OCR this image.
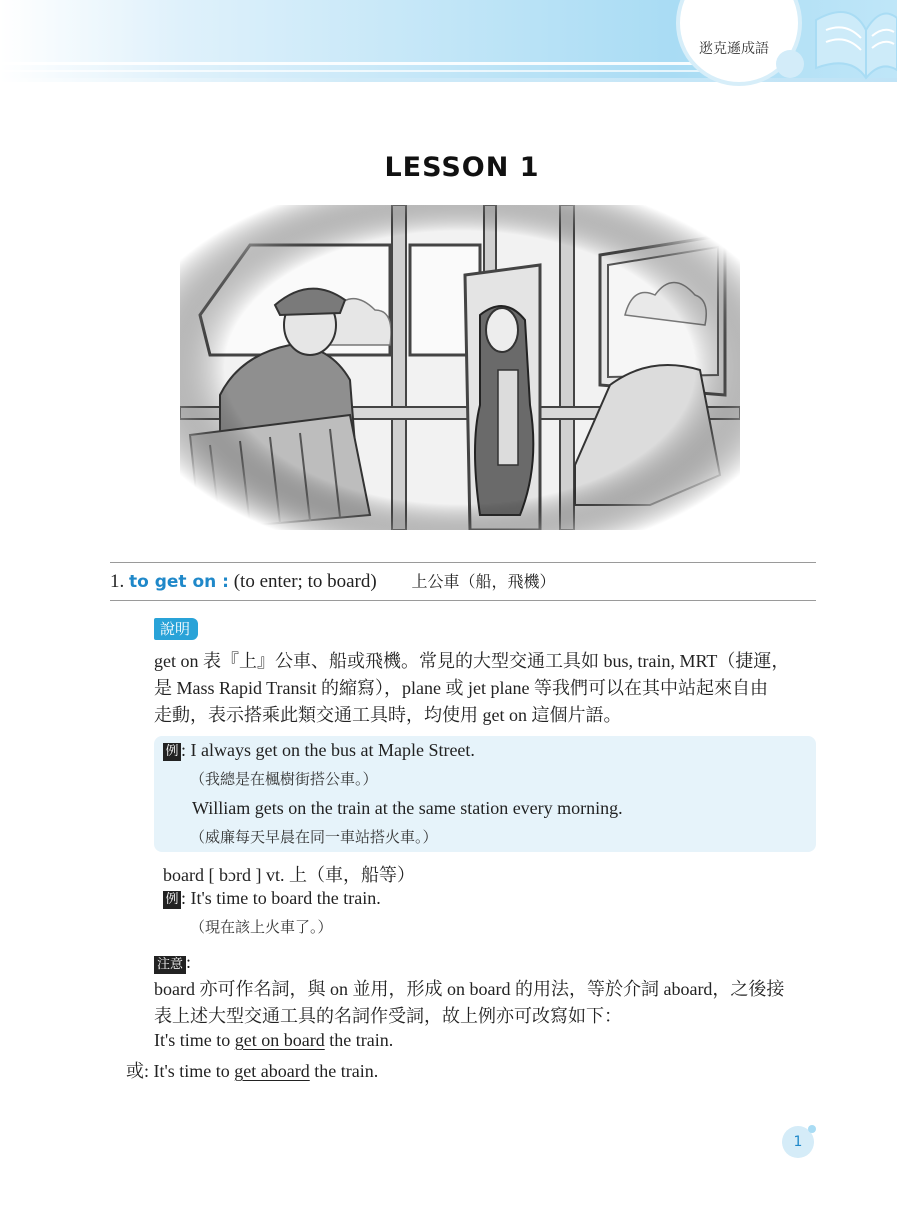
逖克遜成語
LESSON 1
1. to get on : (to enter; to board) 上公車（船，飛機）
說明
get on 表『上』公車、船或飛機。常見的大型交通工具如 bus, train, MRT（捷運，
是 Mass Rapid Transit 的縮寫），plane 或 jet plane 等我們可以在其中站起來自由
走動，表示搭乘此類交通工具時，均使用 get on 這個片語。
例 : I always get on the bus at Maple Street.
（我總是在楓樹街搭公車。）
William gets on the train at the same station every morning.
（威廉每天早晨在同一車站搭火車。）
board [ bɔrd ] vt. 上（車，船等）
例 : It's time to board the train.
（現在該上火車了。）
注意 :
board 亦可作名詞，與 on 並用，形成 on board 的用法，等於介詞 aboard，之後接
表上述大型交通工具的名詞作受詞，故上例亦可改寫如下：
It's time to get on board the train.
或: It's time to get aboard the train.
1
